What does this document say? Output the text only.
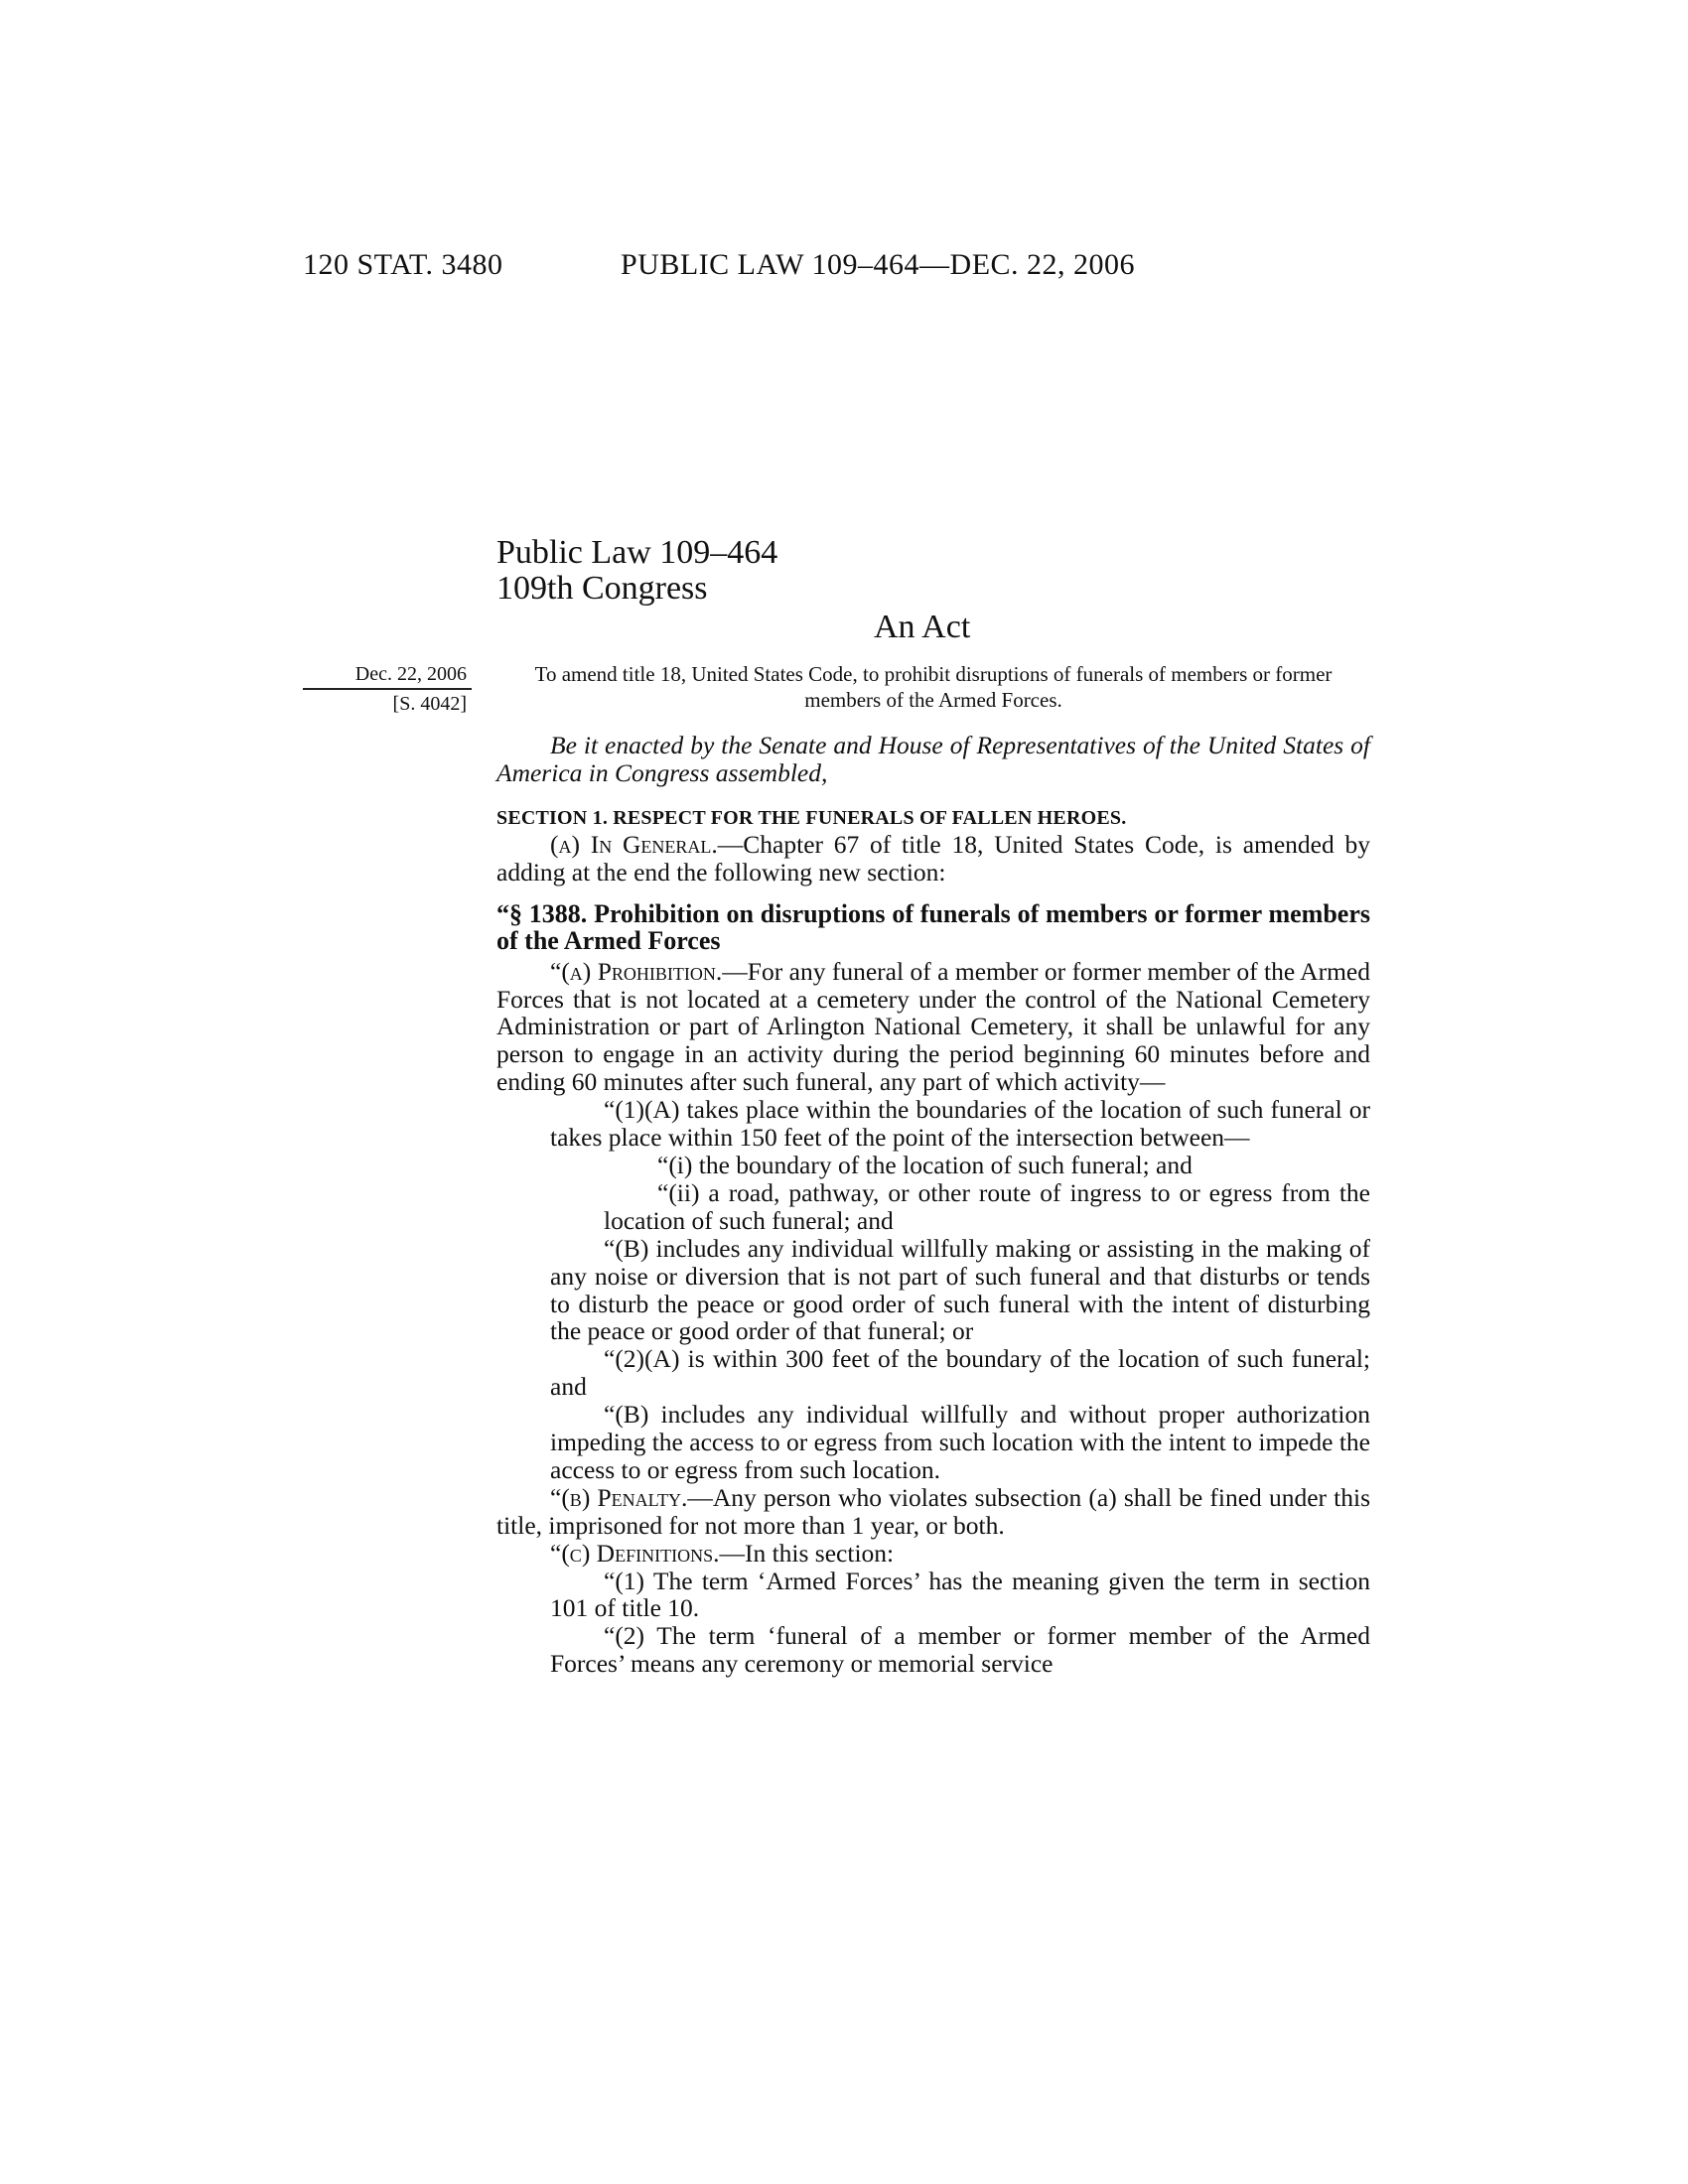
120 STAT. 3480	PUBLIC LAW 109–464—DEC. 22, 2006
Public Law 109–464
109th Congress
An Act
Dec. 22, 2006
[S. 4042]
To amend title 18, United States Code, to prohibit disruptions of funerals of members or former members of the Armed Forces.

Be it enacted by the Senate and House of Representatives of the United States of America in Congress assembled,

SECTION 1. RESPECT FOR THE FUNERALS OF FALLEN HEROES.

(a) In General.—Chapter 67 of title 18, United States Code, is amended by adding at the end the following new section:

“§ 1388. Prohibition on disruptions of funerals of members or former members of the Armed Forces

“(a) Prohibition.—For any funeral of a member or former member of the Armed Forces that is not located at a cemetery under the control of the National Cemetery Administration or part of Arlington National Cemetery, it shall be unlawful for any person to engage in an activity during the period beginning 60 minutes before and ending 60 minutes after such funeral, any part of which activity—

“(1)(A) takes place within the boundaries of the location of such funeral or takes place within 150 feet of the point of the intersection between—

“(i) the boundary of the location of such funeral; and

“(ii) a road, pathway, or other route of ingress to or egress from the location of such funeral; and

“(B) includes any individual willfully making or assisting in the making of any noise or diversion that is not part of such funeral and that disturbs or tends to disturb the peace or good order of such funeral with the intent of disturbing the peace or good order of that funeral; or

“(2)(A) is within 300 feet of the boundary of the location of such funeral; and

“(B) includes any individual willfully and without proper authorization impeding the access to or egress from such location with the intent to impede the access to or egress from such location.

“(b) Penalty.—Any person who violates subsection (a) shall be fined under this title, imprisoned for not more than 1 year, or both.

“(c) Definitions.—In this section:

“(1) The term ‘Armed Forces’ has the meaning given the term in section 101 of title 10.

“(2) The term ‘funeral of a member or former member of the Armed Forces’ means any ceremony or memorial service
